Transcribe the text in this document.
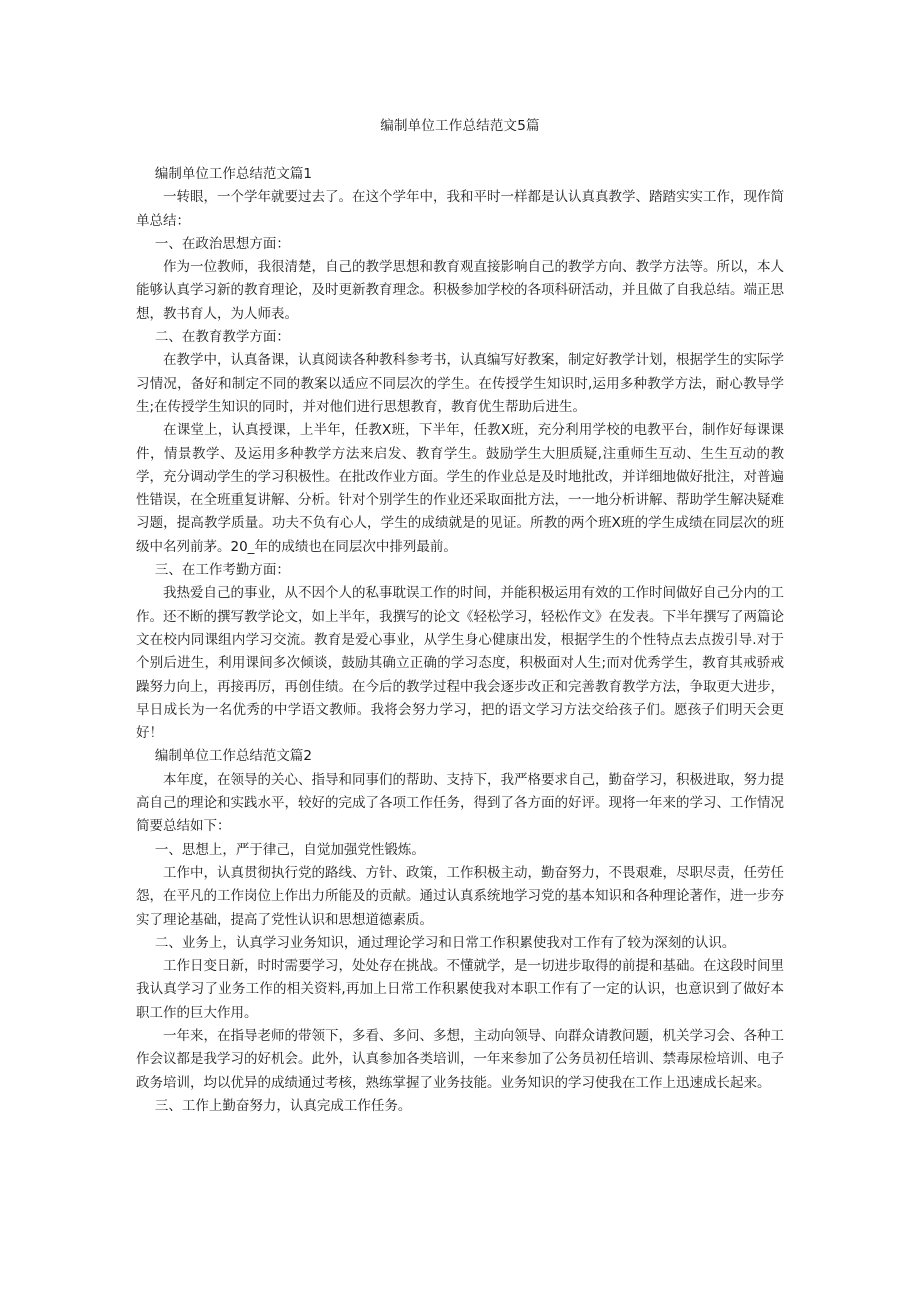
编制单位工作总结范文5篇

编制单位工作总结范文篇1

一转眼，一个学年就要过去了。在这个学年中，我和平时一样都是认认真真教学、踏踏实实工作，现作简单总结：

一、在政治思想方面：

作为一位教师，我很清楚，自己的教学思想和教育观直接影响自己的教学方向、教学方法等。所以，本人能够认真学习新的教育理论，及时更新教育理念。积极参加学校的各项科研活动，并且做了自我总结。端正思想，教书育人，为人师表。

二、在教育教学方面：

在教学中，认真备课，认真阅读各种教科参考书，认真编写好教案，制定好教学计划，根据学生的实际学习情况，备好和制定不同的教案以适应不同层次的学生。在传授学生知识时,运用多种教学方法，耐心教导学生;在传授学生知识的同时，并对他们进行思想教育，教育优生帮助后进生。

在课堂上，认真授课，上半年，任教X班，下半年，任教X班，充分利用学校的电教平台，制作好每课课件，情景教学、及运用多种教学方法来启发、教育学生。鼓励学生大胆质疑,注重师生互动、生生互动的教学，充分调动学生的学习积极性。在批改作业方面。学生的作业总是及时地批改，并详细地做好批注，对普遍性错误，在全班重复讲解、分析。针对个别学生的作业还采取面批方法，一一地分析讲解、帮助学生解决疑难习题，提高教学质量。功夫不负有心人，学生的成绩就是的见证。所教的两个班X班的学生成绩在同层次的班级中名列前茅。20_年的成绩也在同层次中排列最前。

三、在工作考勤方面：

我热爱自己的事业，从不因个人的私事耽误工作的时间，并能积极运用有效的工作时间做好自己分内的工作。还不断的撰写教学论文，如上半年，我撰写的论文《轻松学习，轻松作文》在发表。下半年撰写了两篇论文在校内同课组内学习交流。教育是爱心事业，从学生身心健康出发，根据学生的个性特点去点拨引导.对于个别后进生，利用课间多次倾谈，鼓励其确立正确的学习态度，积极面对人生;而对优秀学生，教育其戒骄戒躁努力向上，再接再厉，再创佳绩。在今后的教学过程中我会逐步改正和完善教育教学方法，争取更大进步，早日成长为一名优秀的中学语文教师。我将会努力学习，把的语文学习方法交给孩子们。愿孩子们明天会更好！

编制单位工作总结范文篇2

本年度，在领导的关心、指导和同事们的帮助、支持下，我严格要求自己，勤奋学习，积极进取，努力提高自己的理论和实践水平，较好的完成了各项工作任务，得到了各方面的好评。现将一年来的学习、工作情况简要总结如下：

一、思想上，严于律己，自觉加强党性锻炼。

工作中，认真贯彻执行党的路线、方针、政策，工作积极主动，勤奋努力，不畏艰难，尽职尽责，任劳任怨，在平凡的工作岗位上作出力所能及的贡献。通过认真系统地学习党的基本知识和各种理论著作，进一步夯实了理论基础，提高了党性认识和思想道德素质。

二、业务上，认真学习业务知识，通过理论学习和日常工作积累使我对工作有了较为深刻的认识。

工作日变日新，时时需要学习，处处存在挑战。不懂就学，是一切进步取得的前提和基础。在这段时间里我认真学习了业务工作的相关资料,再加上日常工作积累使我对本职工作有了一定的认识，也意识到了做好本职工作的巨大作用。

一年来，在指导老师的带领下，多看、多问、多想，主动向领导、向群众请教问题，机关学习会、各种工作会议都是我学习的好机会。此外，认真参加各类培训，一年来参加了公务员初任培训、禁毒尿检培训、电子政务培训，均以优异的成绩通过考核，熟练掌握了业务技能。业务知识的学习使我在工作上迅速成长起来。

三、工作上勤奋努力，认真完成工作任务。
